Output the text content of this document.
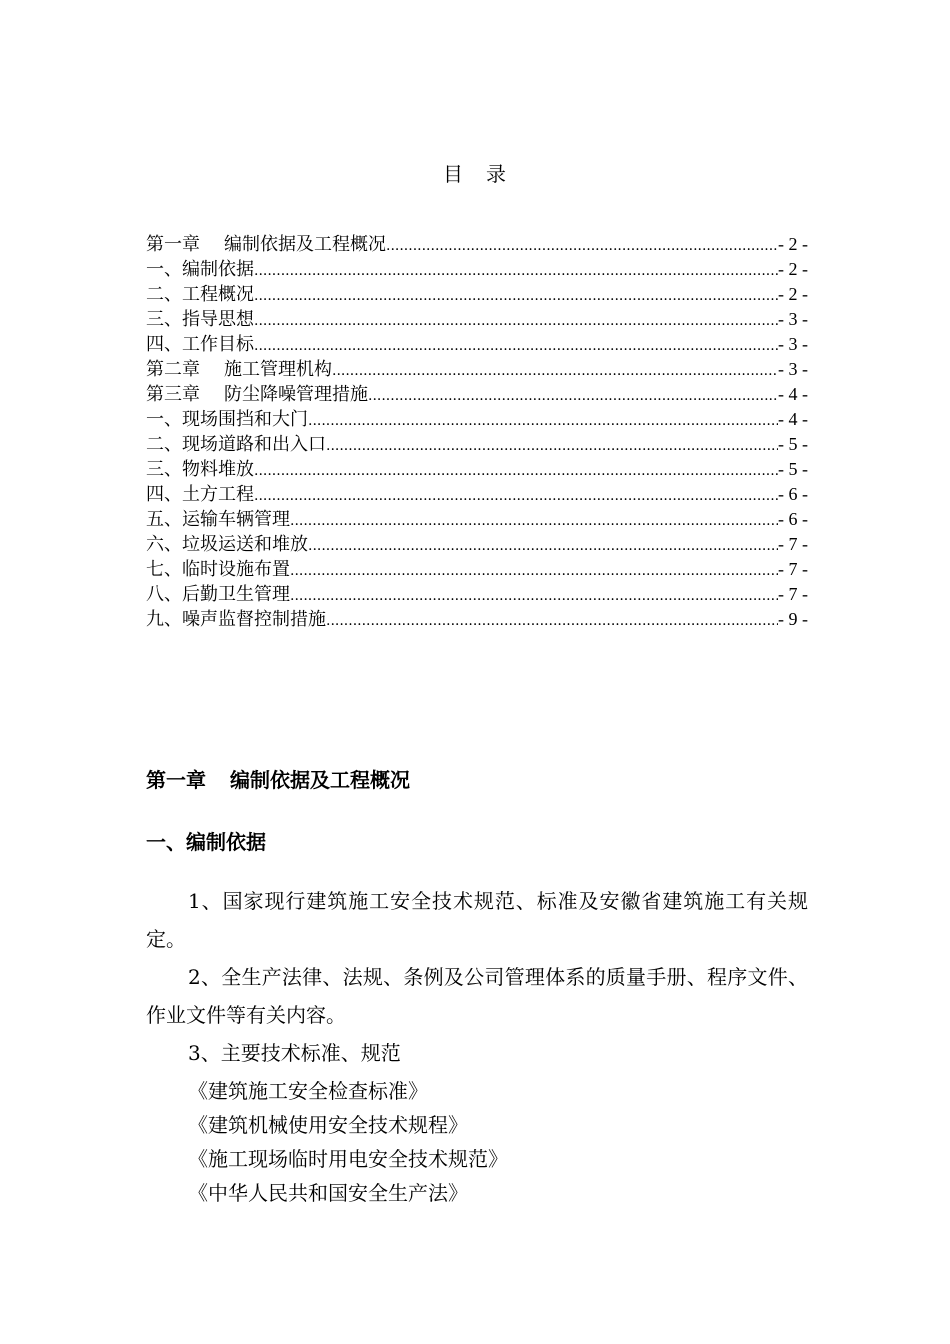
目 录
第一章 编制依据及工程概况 .....	- 2 -
一、编制依据 .....	- 2 -
二、工程概况 .....	- 2 -
三、指导思想 .....	- 3 -
四、工作目标 .....	- 3 -
第二章 施工管理机构 .....	- 3 -
第三章 防尘降噪管理措施 .....	- 4 -
一、现场围挡和大门 .....	- 4 -
二、现场道路和出入口 .....	- 5 -
三、物料堆放 .....	- 5 -
四、土方工程 .....	- 6 -
五、运输车辆管理 .....	- 6 -
六、垃圾运送和堆放 .....	- 7 -
七、临时设施布置 .....	- 7 -
八、后勤卫生管理 .....	- 7 -
九、噪声监督控制措施 .....	- 9 -
第一章 编制依据及工程概况
一、编制依据

1、国家现行建筑施工安全技术规范、标准及安徽省建筑施工有关规定。

2、全生产法律、法规、条例及公司管理体系的质量手册、程序文件、作业文件等有关内容。

3、主要技术标准、规范

《建筑施工安全检查标准》

《建筑机械使用安全技术规程》

《施工现场临时用电安全技术规范》

《中华人民共和国安全生产法》
